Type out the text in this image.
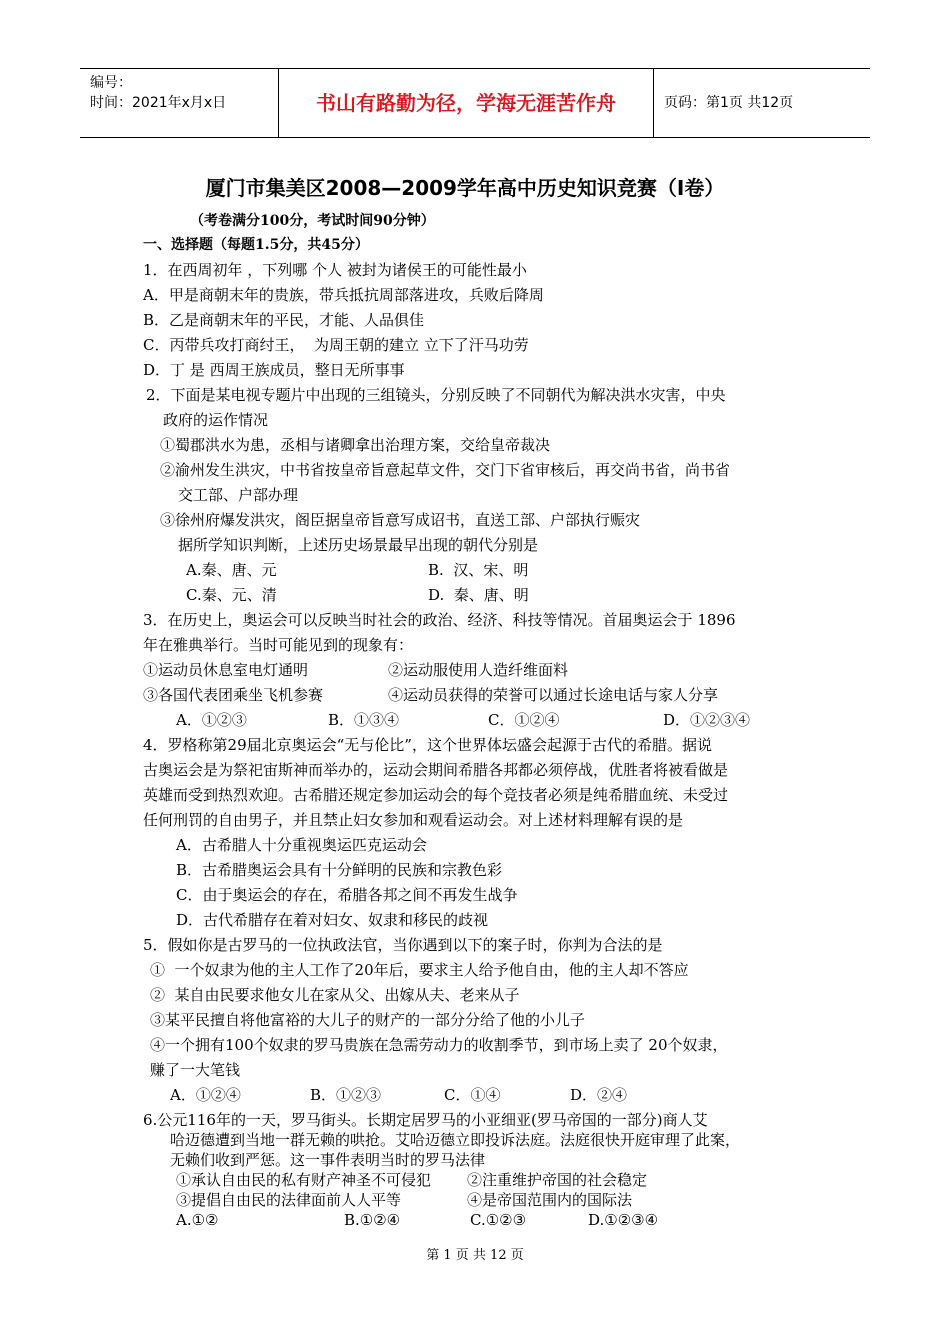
编号：
时间：2021年x月x日	书山有路勤为径，学海无涯苦作舟	页码：第1页 共12页
厦门市集美区2008—2009学年高中历史知识竞赛（Ⅰ卷）
（考卷满分100分，考试时间90分钟）
一、选择题（每题1.5分，共45分）
1．在西周初年 ，下列哪 个人 被封为诸侯王的可能性最小
A．甲是商朝末年的贵族，带兵抵抗周部落进攻，兵败后降周
B．乙是商朝末年的平民，才能、人品俱佳
C．丙带兵攻打商纣王，  为周王朝的建立 立下了汗马功劳
D．丁 是 西周王族成员，整日无所事事
2．下面是某电视专题片中出现的三组镜头，分别反映了不同朝代为解决洪水灾害，中央
政府的运作情况
①蜀郡洪水为患，丞相与诸卿拿出治理方案，交给皇帝裁决
②渝州发生洪灾，中书省按皇帝旨意起草文件，交门下省审核后，再交尚书省，尚书省
交工部、户部办理
③徐州府爆发洪灾，阁臣据皇帝旨意写成诏书，直送工部、户部执行赈灾
据所学知识判断，上述历史场景最早出现的朝代分别是
A.秦、唐、元	B.  汉、宋、明
C.秦、元、清	D.  秦、唐、明
3．在历史上，奥运会可以反映当时社会的政治、经济、科技等情况。首届奥运会于 1896
年在雅典举行。当时可能见到的现象有：
①运动员休息室电灯通明	②运动服使用人造纤维面料
③各国代表团乘坐飞机参赛	④运动员获得的荣誉可以通过长途电话与家人分享
A．①②③	B．①③④	C．①②④	D．①②③④
4．罗格称第29届北京奥运会“无与伦比”，这个世界体坛盛会起源于古代的希腊。据说
古奥运会是为祭祀宙斯神而举办的，运动会期间希腊各邦都必须停战，优胜者将被看做是
英雄而受到热烈欢迎。古希腊还规定参加运动会的每个竞技者必须是纯希腊血统、未受过
任何刑罚的自由男子，并且禁止妇女参加和观看运动会。对上述材料理解有误的是
A．古希腊人十分重视奥运匹克运动会
B．古希腊奥运会具有十分鲜明的民族和宗教色彩
C．由于奥运会的存在，希腊各邦之间不再发生战争
D．古代希腊存在着对妇女、奴隶和移民的歧视
5．假如你是古罗马的一位执政法官，当你遇到以下的案子时，你判为合法的是
①  一个奴隶为他的主人工作了20年后，要求主人给予他自由，他的主人却不答应
②  某自由民要求他女儿在家从父、出嫁从夫、老来从子
③某平民擅自将他富裕的大儿子的财产的一部分分给了他的小儿子
④一个拥有100个奴隶的罗马贵族在急需劳动力的收割季节，到市场上卖了 20个奴隶，
赚了一大笔钱
A．①②④	B．①②③	C．①④	D．②④
6.公元116年的一天，罗马街头。长期定居罗马的小亚细亚(罗马帝国的一部分)商人艾
哈迈德遭到当地一群无赖的哄抢。艾哈迈德立即投诉法庭。法庭很快开庭审理了此案，
无赖们收到严惩。这一事件表明当时的罗马法律
①承认自由民的私有财产神圣不可侵犯 ②注重维护帝国的社会稳定
③提倡自由民的法律面前人人平等	④是帝国范围内的国际法
A.①②	B.①②④	C.①②③	D.①②③④
第 1 页 共 12 页
